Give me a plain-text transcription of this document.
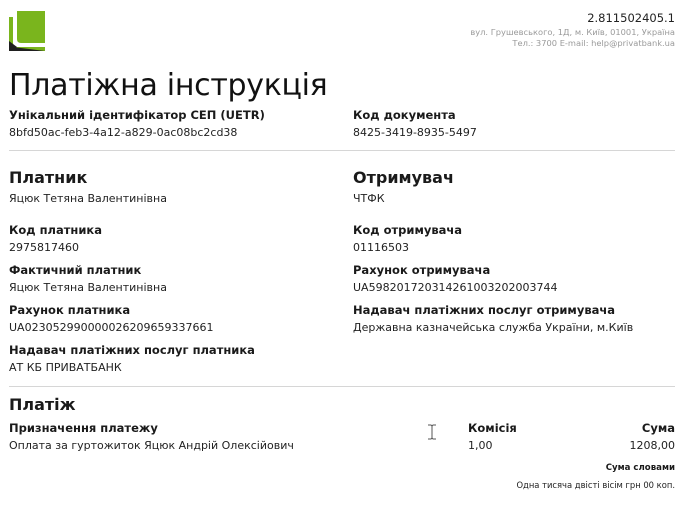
2.811502405.1
вул. Грушевського, 1Д, м. Київ, 01001, Україна
Тел.: 3700 E-mail: help@privatbank.ua
Платіжна інструкція
Унікальний ідентифікатор СЕП (UETR)
8bfd50ac-feb3-4a12-a829-0ac08bc2cd38
Код документа
8425-3419-8935-5497
Платник
Яцюк Тетяна Валентинівна
Код платника
2975817460
Фактичний платник
Яцюк Тетяна Валентинівна
Рахунок платника
UA023052990000026209659337661
Надавач платіжних послуг платника
АТ КБ ПРИВАТБАНК
Отримувач
ЧТФК
Код отримувача
01116503
Рахунок отримувача
UA598201720314261003202003744
Надавач платіжних послуг отримувача
Державна казначейська служба України, м.Київ
Платіж
Призначення платежу
Оплата за гуртожиток Яцюк Андрій Олексійович
Комісія
1,00
Сума
1208,00
Сума словами
Одна тисяча двісті вісім грн 00 коп.
